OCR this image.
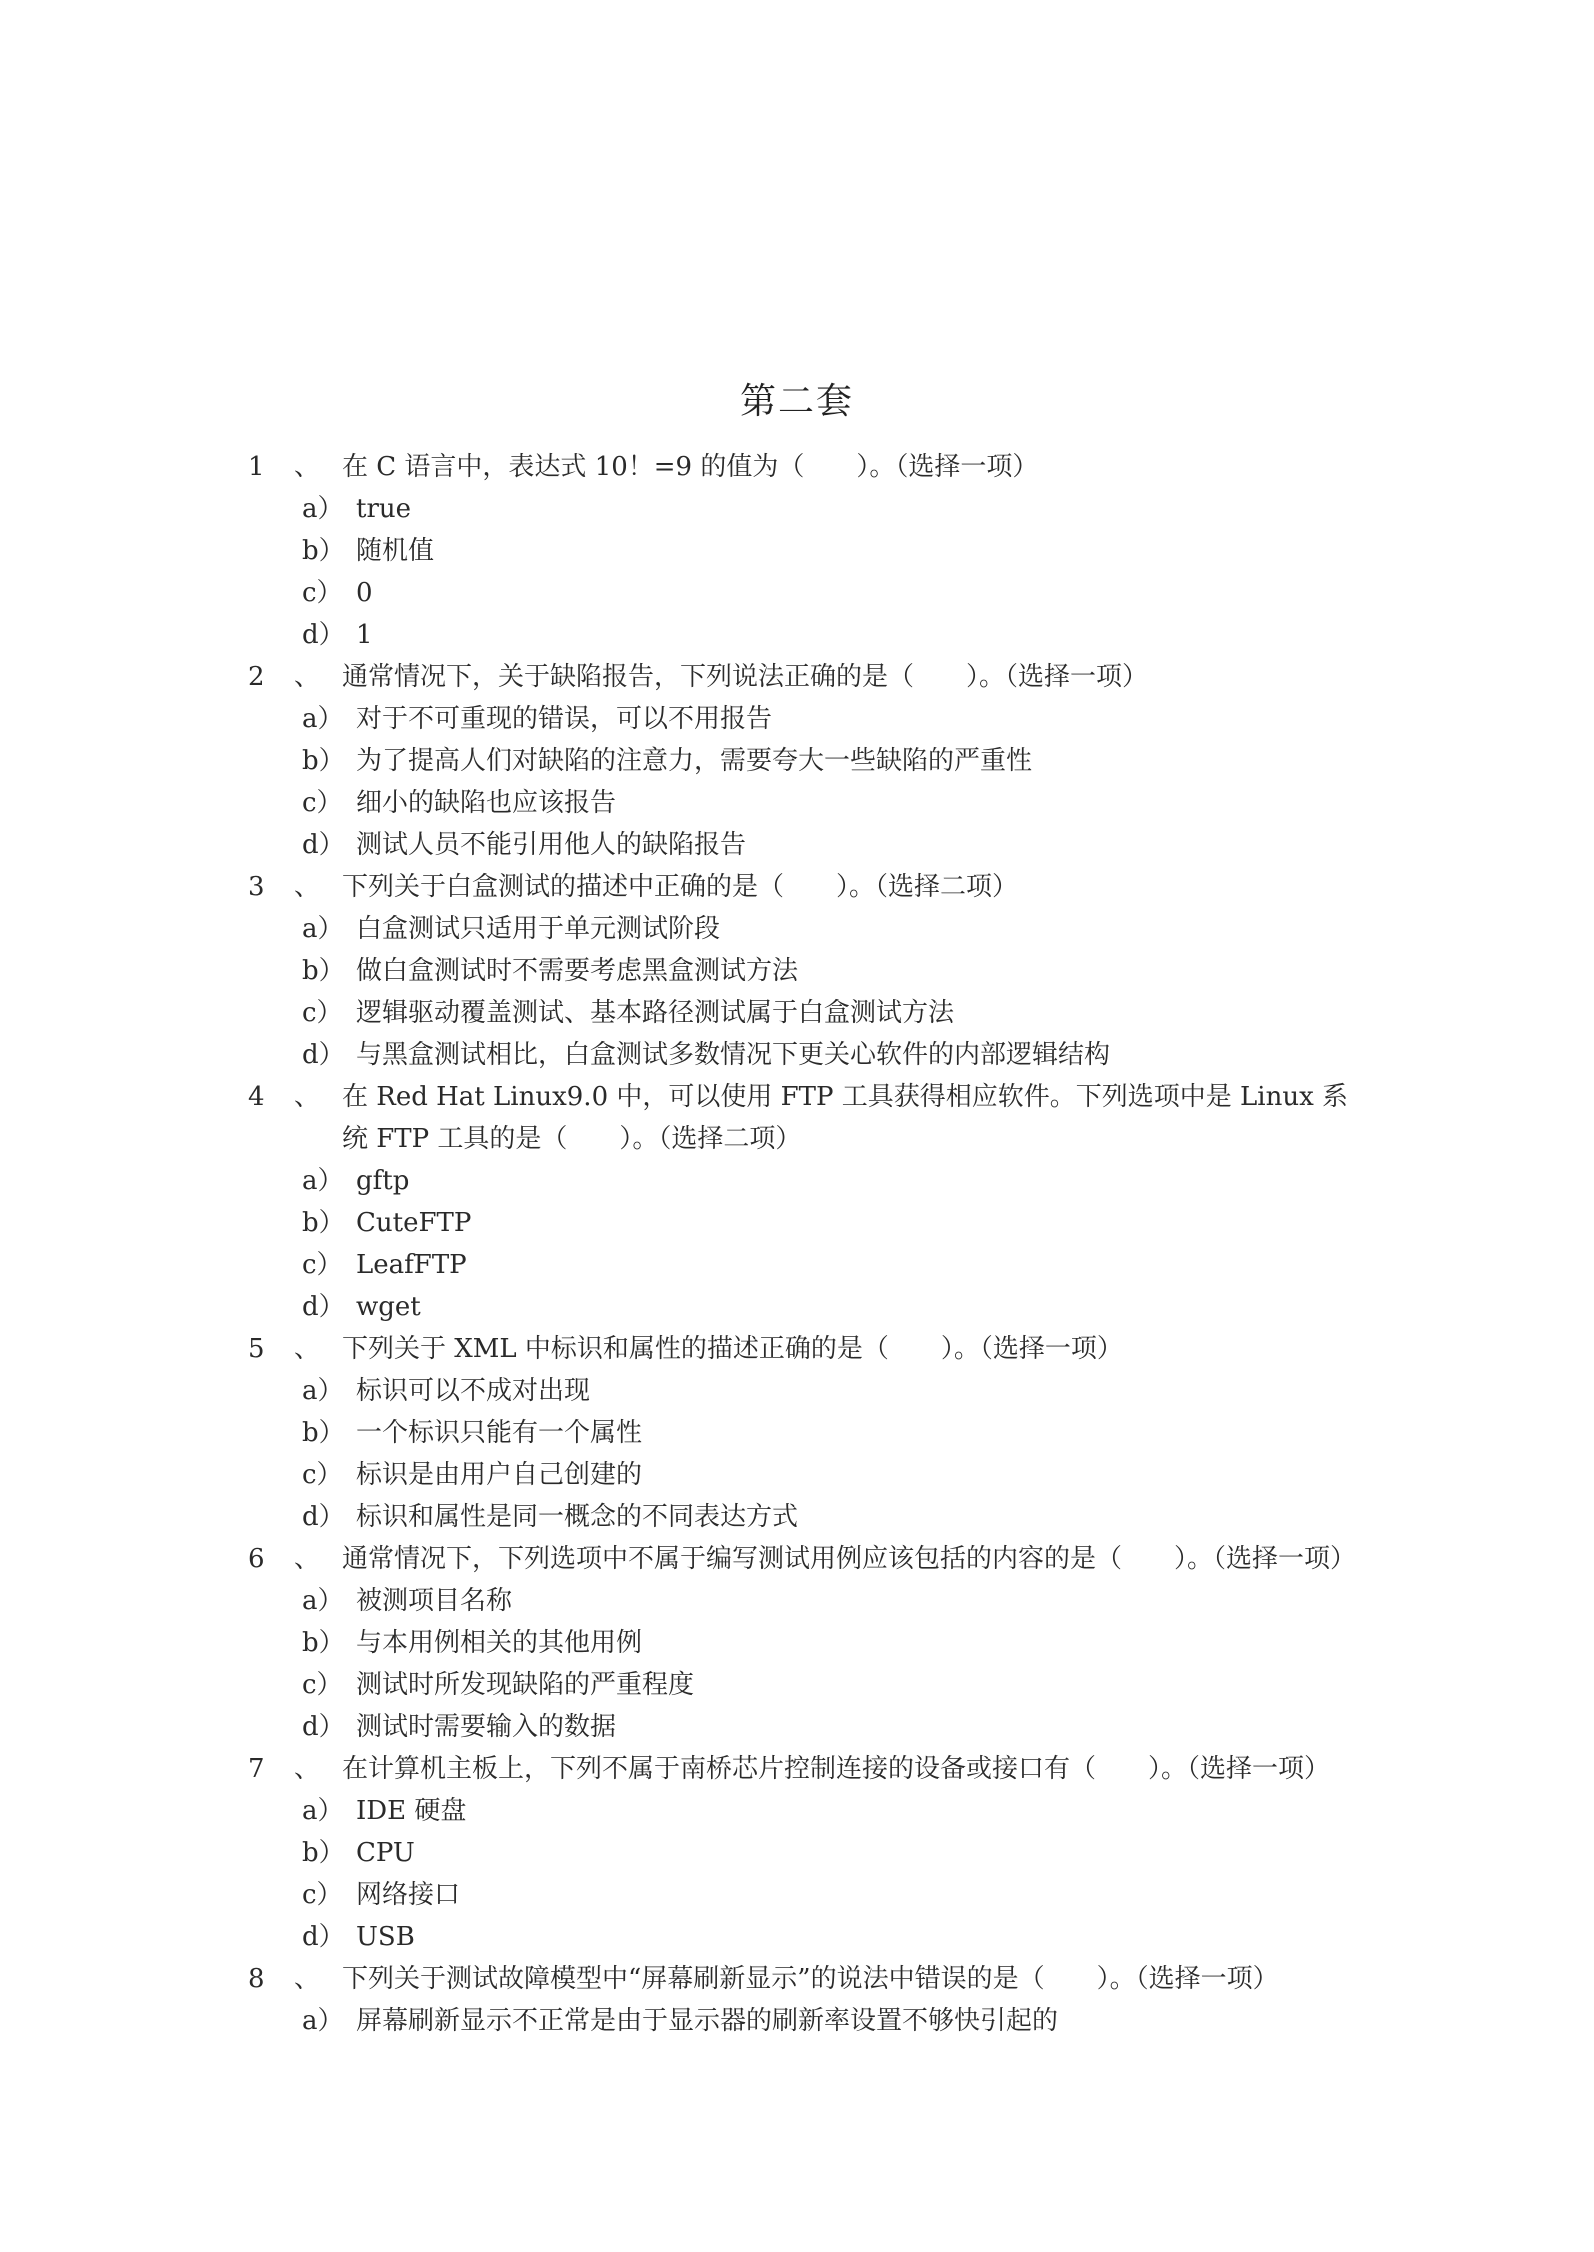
第二套
1	、 在 C 语言中，表达式 10！=9 的值为（　　）。（选择一项）
a） true
b） 随机值
c） 0
d） 1
2	、 通常情况下，关于缺陷报告，下列说法正确的是（　　）。（选择一项）
a） 对于不可重现的错误，可以不用报告
b） 为了提高人们对缺陷的注意力，需要夸大一些缺陷的严重性
c） 细小的缺陷也应该报告
d） 测试人员不能引用他人的缺陷报告
3	、 下列关于白盒测试的描述中正确的是（　　）。（选择二项）
a） 白盒测试只适用于单元测试阶段
b） 做白盒测试时不需要考虑黑盒测试方法
c） 逻辑驱动覆盖测试、基本路径测试属于白盒测试方法
d） 与黑盒测试相比，白盒测试多数情况下更关心软件的内部逻辑结构
4	、 在 Red Hat Linux9.0 中，可以使用 FTP 工具获得相应软件。下列选项中是 Linux 系统 FTP 工具的是（　　）。（选择二项）
a） gftp
b） CuteFTP
c） LeafFTP
d） wget
5	、 下列关于 XML 中标识和属性的描述正确的是（　　）。（选择一项）
a） 标识可以不成对出现
b） 一个标识只能有一个属性
c） 标识是由用户自己创建的
d） 标识和属性是同一概念的不同表达方式
6	、 通常情况下，下列选项中不属于编写测试用例应该包括的内容的是（　　）。（选择一项）
a） 被测项目名称
b） 与本用例相关的其他用例
c） 测试时所发现缺陷的严重程度
d） 测试时需要输入的数据
7	、 在计算机主板上，下列不属于南桥芯片控制连接的设备或接口有（　　）。（选择一项）
a） IDE 硬盘
b） CPU
c） 网络接口
d） USB
8	、 下列关于测试故障模型中“屏幕刷新显示”的说法中错误的是（　　）。（选择一项）
a） 屏幕刷新显示不正常是由于显示器的刷新率设置不够快引起的
